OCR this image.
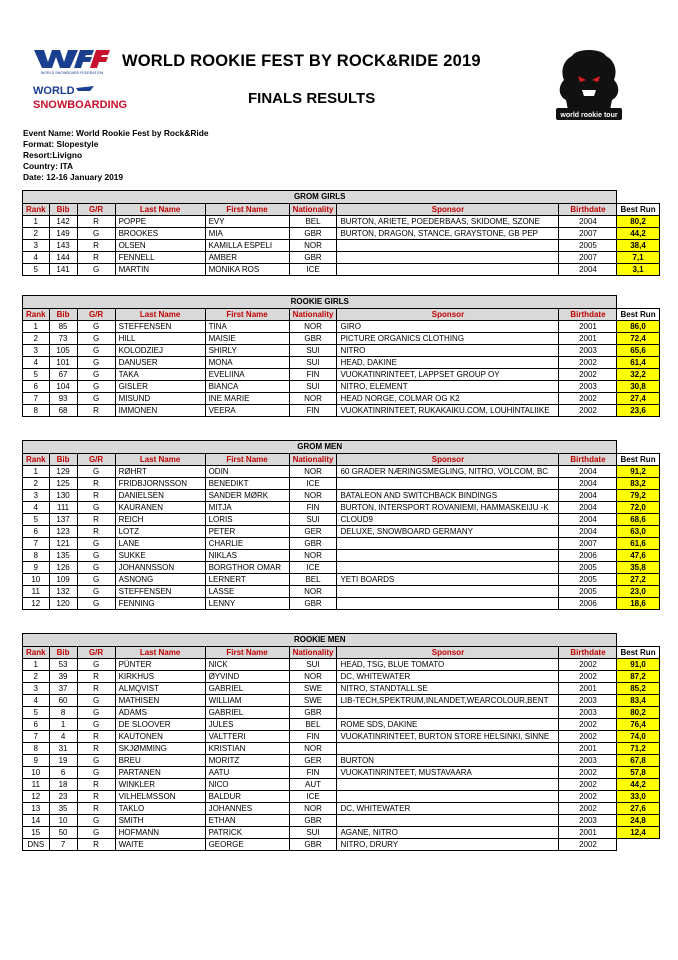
WORLD SNOWBOARD FEDERATION
WORLD
SNOWBOARDING
world rookie tour
WORLD ROOKIE FEST BY ROCK&RIDE 2019
FINALS RESULTS
Event Name: World Rookie Fest by Rock&Ride
Format: Slopestyle
Resort:Livigno
Country: ITA
Date: 12-16 January 2019
GROM GIRLS								
Rank	Bib	G/R	Last Name	First Name	Nationality	Sponsor	Birthdate	Best Run
1	142	R	POPPE	EVY	BEL	BURTON, ARIETE, POEDERBAAS, SKIDOME, SZONE	2004	80,2
2	149	G	BROOKES	MIA	GBR	BURTON, DRAGON, STANCE, GRAYSTONE, GB PEP	2007	44,2
3	143	R	OLSEN	KAMILLA ESPELI	NOR		2005	38,4
4	144	R	FENNELL	AMBER	GBR		2007	7,1
5	141	G	MARTIN	MONIKA ROS	ICE		2004	3,1
ROOKIE GIRLS								
Rank	Bib	G/R	Last Name	First Name	Nationality	Sponsor	Birthdate	Best Run
1	85	G	STEFFENSEN	TINA	NOR	GIRO	2001	86,0
2	73	G	HILL	MAISIE	GBR	PICTURE ORGANICS CLOTHING	2001	72,4
3	105	G	KOLODZIEJ	SHIRLY	SUI	NITRO	2003	65,6
4	101	G	DANUSER	MONA	SUI	HEAD, DAKINE	2002	61,4
5	67	G	TAKA	EVELIINA	FIN	VUOKATINRINTEET, LAPPSET GROUP OY	2002	32,2
6	104	G	GISLER	BIANCA	SUI	NITRO, ELEMENT	2003	30,8
7	93	G	MISUND	INE MARIE	NOR	HEAD NORGE, COLMAR OG K2	2002	27,4
8	68	R	IMMONEN	VEERA	FIN	VUOKATINRINTEET, RUKAKAIKU.COM, LOUHINTALIIKE	2002	23,6
GROM MEN								
Rank	Bib	G/R	Last Name	First Name	Nationality	Sponsor	Birthdate	Best Run
1	129	G	RØHRT	ODIN	NOR	60 GRADER NÆRINGSMEGLING, NITRO, VOLCOM, BC	2004	91,2
2	125	R	FRIDBJORNSSON	BENEDIKT	ICE		2004	83,2
3	130	R	DANIELSEN	SANDER MØRK	NOR	BATALEON AND SWITCHBACK BINDINGS	2004	79,2
4	111	G	KAURANEN	MITJA	FIN	BURTON, INTERSPORT ROVANIEMI, HAMMASKEIJU -K	2004	72,0
5	137	R	REICH	LORIS	SUI	CLOUD9	2004	68,6
6	123	R	LOTZ	PETER	GER	DELUXE, SNOWBOARD GERMANY	2004	63,0
7	121	G	LANE	CHARLIE	GBR		2007	61,6
8	135	G	SUKKE	NIKLAS	NOR		2006	47,6
9	126	G	JOHANNSSON	BORGTHOR OMAR	ICE		2005	35,8
10	109	G	ASNONG	LERNERT	BEL	YETI BOARDS	2005	27,2
11	132	G	STEFFENSEN	LASSE	NOR		2005	23,0
12	120	G	FENNING	LENNY	GBR		2006	18,6
ROOKIE MEN								
Rank	Bib	G/R	Last Name	First Name	Nationality	Sponsor	Birthdate	Best Run
1	53	G	PÜNTER	NICK	SUI	HEAD, TSG, BLUE TOMATO	2002	91,0
2	39	R	KIRKHUS	ØYVIND	NOR	DC, WHITEWATER	2002	87,2
3	37	R	ALMQVIST	GABRIEL	SWE	NITRO, STANDTALL.SE	2001	85,2
4	60	G	MATHISEN	WILLIAM	SWE	LIB-TECH,SPEKTRUM,INLANDET,WEARCOLOUR,BENT	2003	83,4
5	8	G	ADAMS	GABRIEL	GBR		2003	80,2
6	1	G	DE SLOOVER	JULES	BEL	ROME SDS, DAKINE	2002	76,4
7	4	R	KAUTONEN	VALTTERI	FIN	VUOKATINRINTEET, BURTON STORE HELSINKI, SINNE	2002	74,0
8	31	R	SKJØMMING	KRISTIAN	NOR		2001	71,2
9	19	G	BREU	MORITZ	GER	BURTON	2003	67,8
10	6	G	PARTANEN	AATU	FIN	VUOKATINRINTEET, MUSTAVAARA	2002	57,8
11	18	R	WINKLER	NICO	AUT		2002	44,2
12	23	R	VILHELMSSON	BALDUR	ICE		2002	33,0
13	35	R	TAKLO	JOHANNES	NOR	DC, WHITEWATER	2002	27,6
14	10	G	SMITH	ETHAN	GBR		2003	24,8
15	50	G	HOFMANN	PATRICK	SUI	AGANE, NITRO	2001	12,4
DNS	7	R	WAITE	GEORGE	GBR	NITRO, DRURY	2002	
